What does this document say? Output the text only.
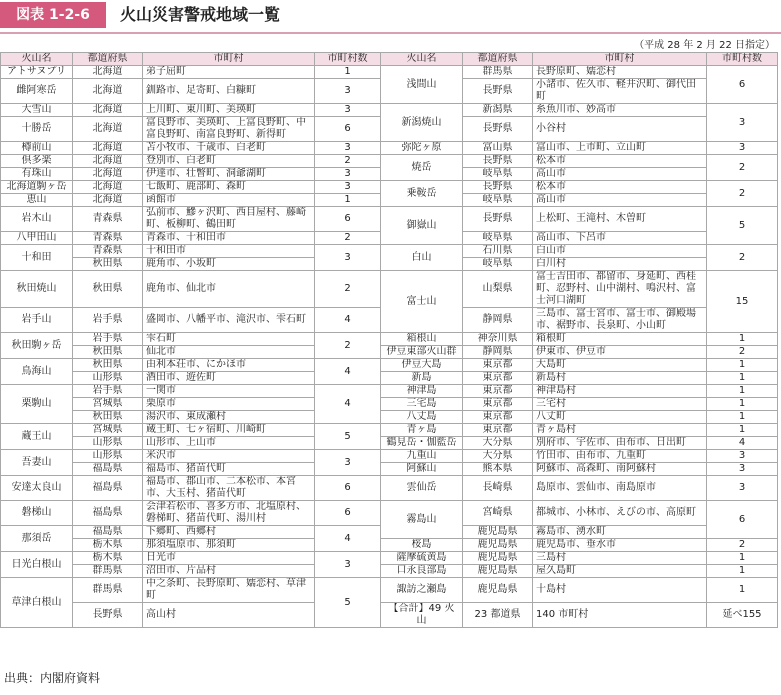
図表 1-2-6	火山災害警戒地域一覧
（平成 28 年 2 月 22 日指定）
火山名	都道府県	市町村	市町村数	火山名	都道府県	市町村	市町村数
アトサヌプリ	北海道	弟子屈町	1	浅間山	群馬県	長野原町、嬬恋村	6
雌阿寒岳	北海道	釧路市、足寄町、白糠町	3		長野県	小諸市、佐久市、軽井沢町、御代田町	
大雪山	北海道	上川町、東川町、美瑛町	3	新潟焼山	新潟県	糸魚川市、妙高市	3
十勝岳	北海道	富良野市、美瑛町、上富良野町、中富良野町、南富良野町、新得町	6		長野県	小谷村	
樽前山	北海道	苫小牧市、千歳市、白老町	3	弥陀ヶ原	富山県	富山市、上市町、立山町	3
倶多楽	北海道	登別市、白老町	2	焼岳	長野県	松本市	2
有珠山	北海道	伊達市、壮瞥町、洞爺湖町	3		岐阜県	高山市	
北海道駒ヶ岳	北海道	七飯町、鹿部町、森町	3	乗鞍岳	長野県	松本市	2
恵山	北海道	函館市	1		岐阜県	高山市	
岩木山	青森県	弘前市、鰺ヶ沢町、西目屋村、藤崎町、板柳町、鶴田町	6	御嶽山	長野県	上松町、王滝村、木曽町	5
八甲田山	青森県	青森市、十和田市	2		岐阜県	高山市、下呂市	
十和田	青森県	十和田市	3	白山	石川県	白山市	2
	秋田県	鹿角市、小坂町			岐阜県	白川村	
秋田焼山	秋田県	鹿角市、仙北市	2	富士山	山梨県	富士吉田市、都留市、身延町、西桂町、忍野村、山中湖村、鳴沢村、富士河口湖町	15
岩手山	岩手県	盛岡市、八幡平市、滝沢市、雫石町	4		静岡県	三島市、富士宮市、富士市、御殿場市、裾野市、長泉町、小山町	
秋田駒ヶ岳	岩手県	雫石町	2	箱根山	神奈川県	箱根町	1
	秋田県	仙北市		伊豆東部火山群	静岡県	伊東市、伊豆市	2
鳥海山	秋田県	由利本荘市、にかほ市	4	伊豆大島	東京都	大島町	1
	山形県	酒田市、遊佐町		新島	東京都	新島村	1
栗駒山	岩手県	一関市	4	神津島	東京都	神津島村	1
	宮城県	栗原市		三宅島	東京都	三宅村	1
	秋田県	湯沢市、東成瀬村		八丈島	東京都	八丈町	1
蔵王山	宮城県	蔵王町、七ヶ宿町、川崎町	5	青ヶ島	東京都	青ヶ島村	1
	山形県	山形市、上山市		鶴見岳・伽藍岳	大分県	別府市、宇佐市、由布市、日出町	4
吾妻山	山形県	米沢市	3	九重山	大分県	竹田市、由布市、九重町	3
	福島県	福島市、猪苗代町		阿蘇山	熊本県	阿蘇市、高森町、南阿蘇村	3
安達太良山	福島県	福島市、郡山市、二本松市、本宮市、大玉村、猪苗代町	6	雲仙岳	長崎県	島原市、雲仙市、南島原市	3
磐梯山	福島県	会津若松市、喜多方市、北塩原村、磐梯町、猪苗代町、湯川村	6	霧島山	宮崎県	都城市、小林市、えびの市、高原町	6
那須岳	福島県	下郷町、西郷村	4		鹿児島県	霧島市、湧水町	
	栃木県	那須塩原市、那須町		桜島	鹿児島県	鹿児島市、垂水市	2
日光白根山	栃木県	日光市	3	薩摩硫黄島	鹿児島県	三島村	1
	群馬県	沼田市、片品村		口永良部島	鹿児島県	屋久島町	1
草津白根山	群馬県	中之条町、長野原町、嬬恋村、草津町	5	諏訪之瀬島	鹿児島県	十島村	1
	長野県	高山村		【合計】49 火山	23 都道県	140 市町村	延べ155
出典：内閣府資料
